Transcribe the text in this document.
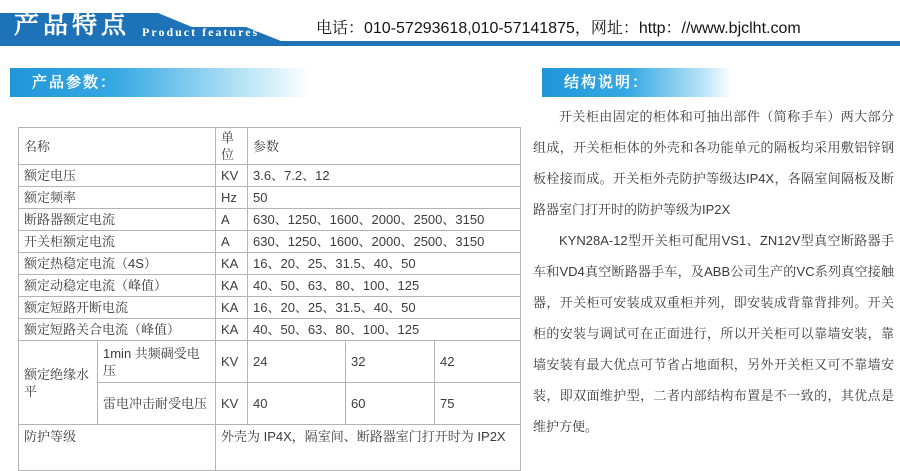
产品特点 Product features	电话：010-57293618,010-57141875，网址：http：//www.bjclht.com
产品参数：	结构说明：
名称		单位	参数		
额定电压		KV	3.6、7.2、12		
额定频率		Hz	50		
断路器额定电流		A	630、1250、1600、2000、2500、3150		
开关柜额定电流		A	630、1250、1600、2000、2500、3150		
额定热稳定电流（4S）		KA	16、20、25、31.5、40、50		
额定动稳定电流（峰值）		KA	40、50、63、80、100、125		
额定短路开断电流		KA	16、20、25、31.5、40、50		
额定短路关合电流（峰值）		KA	40、50、63、80、100、125		
额定绝缘水平	1min 共频碉受电压	KV	24	32	42
	雷电冲击耐受电压	KV	40	60	75
防护等级		外壳为 IP4X，隔室间、断路器室门打开时为 IP2X			

开关柜由固定的柜体和可抽出部件（简称手车）两大部分组成，开关柜柜体的外壳和各功能单元的隔板均采用敷铝锌钢板栓接而成。开关柜外壳防护等级达IP4X，各隔室间隔板及断路器室门打开时的防护等级为IP2X

KYN28A-12型开关柜可配用VS1、ZN12V型真空断路器手车和VD4真空断路器手车，及ABB公司生产的VC系列真空接触器，开关柜可安装成双重柜并列，即安装成背靠背排列。开关柜的安装与调试可在正面进行，所以开关柜可以靠墙安装，靠墙安装有最大优点可节省占地面积，另外开关柜又可不靠墙安装，即双面维护型，二者内部结构布置是不一致的，其优点是维护方便。
